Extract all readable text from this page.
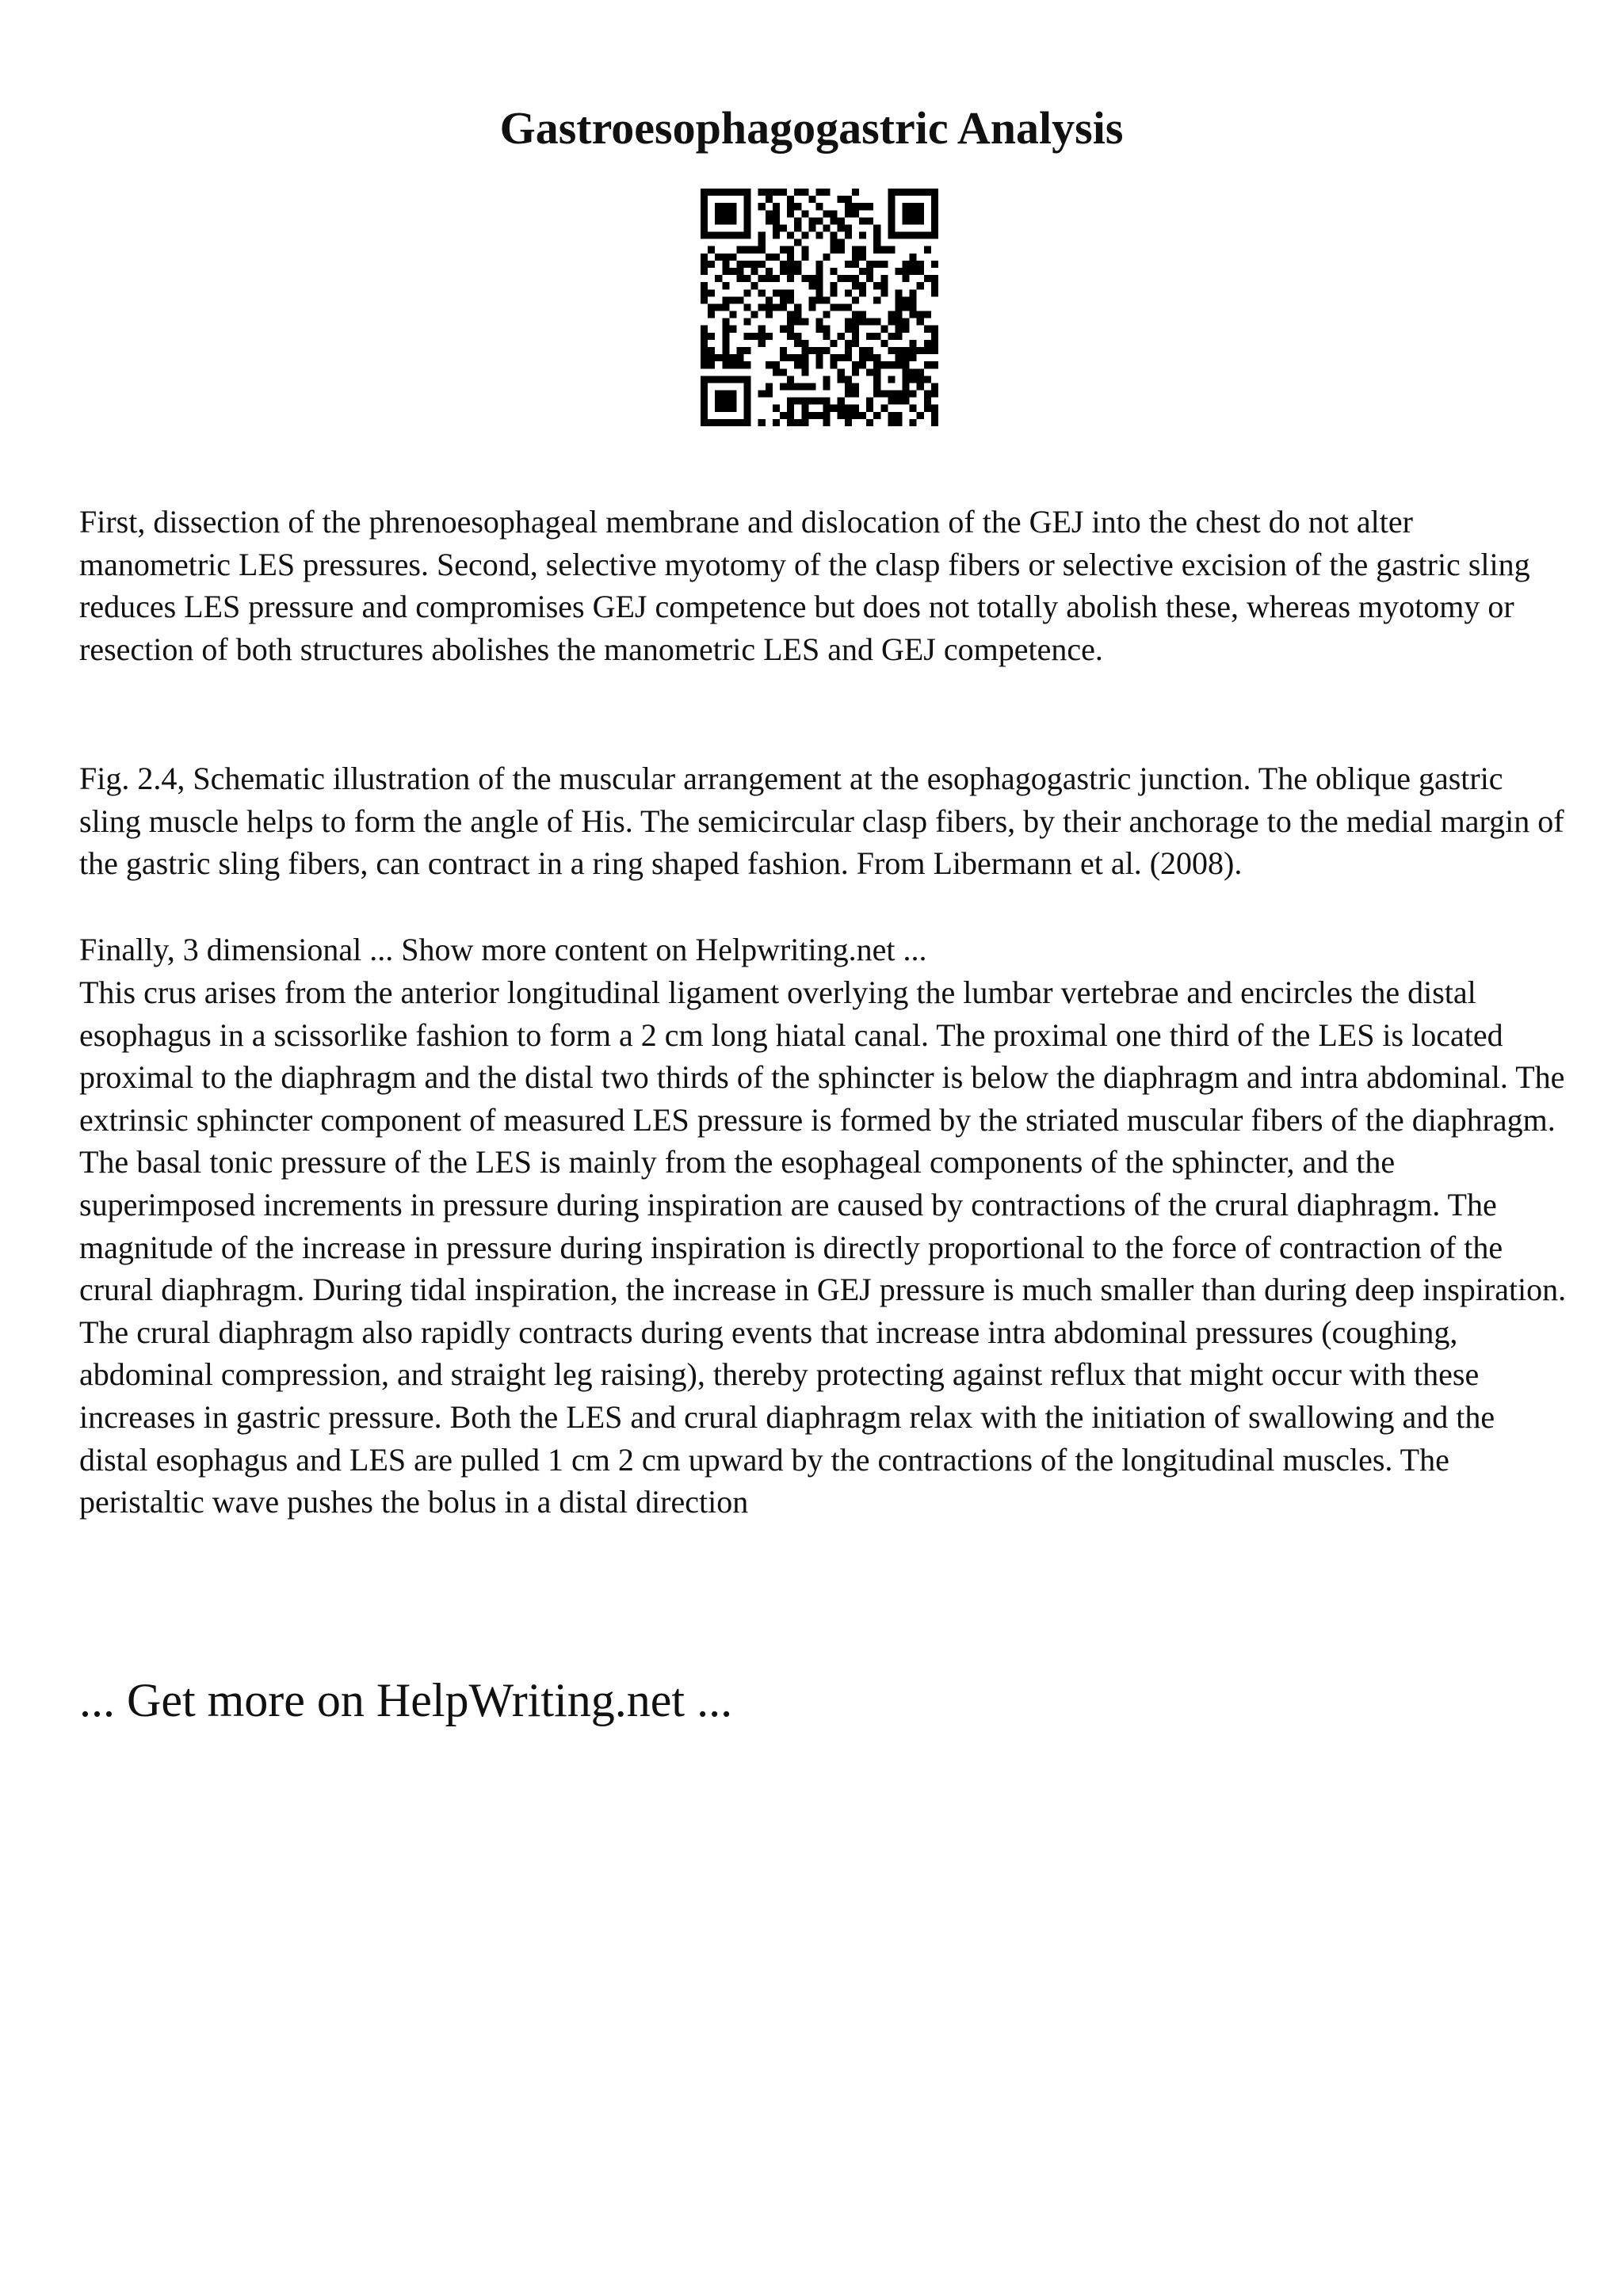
Gastroesophagogastric Analysis

First, dissection of the phrenoesophageal membrane and dislocation of the GEJ into the chest do not alter manometric LES pressures. Second, selective myotomy of the clasp fibers or selective excision of the gastric sling reduces LES pressure and compromises GEJ competence but does not totally abolish these, whereas myotomy or resection of both structures abolishes the manometric LES and GEJ competence.

Fig. 2.4, Schematic illustration of the muscular arrangement at the esophagogastric junction. The oblique gastric sling muscle helps to form the angle of His. The semicircular clasp fibers, by their anchorage to the medial margin of the gastric sling fibers, can contract in a ring shaped fashion. From Libermann et al. (2008).

Finally, 3 dimensional ... Show more content on Helpwriting.net ...

This crus arises from the anterior longitudinal ligament overlying the lumbar vertebrae and encircles the distal esophagus in a scissorlike fashion to form a 2 cm long hiatal canal. The proximal one third of the LES is located proximal to the diaphragm and the distal two thirds of the sphincter is below the diaphragm and intra abdominal. The extrinsic sphincter component of measured LES pressure is formed by the striated muscular fibers of the diaphragm. The basal tonic pressure of the LES is mainly from the esophageal components of the sphincter, and the superimposed increments in pressure during inspiration are caused by contractions of the crural diaphragm. The magnitude of the increase in pressure during inspiration is directly proportional to the force of contraction of the crural diaphragm. During tidal inspiration, the increase in GEJ pressure is much smaller than during deep inspiration. The crural diaphragm also rapidly contracts during events that increase intra abdominal pressures (coughing, abdominal compression, and straight leg raising), thereby protecting against reflux that might occur with these increases in gastric pressure. Both the LES and crural diaphragm relax with the initiation of swallowing and the distal esophagus and LES are pulled 1 cm 2 cm upward by the contractions of the longitudinal muscles. The peristaltic wave pushes the bolus in a distal direction

... Get more on HelpWriting.net ...
